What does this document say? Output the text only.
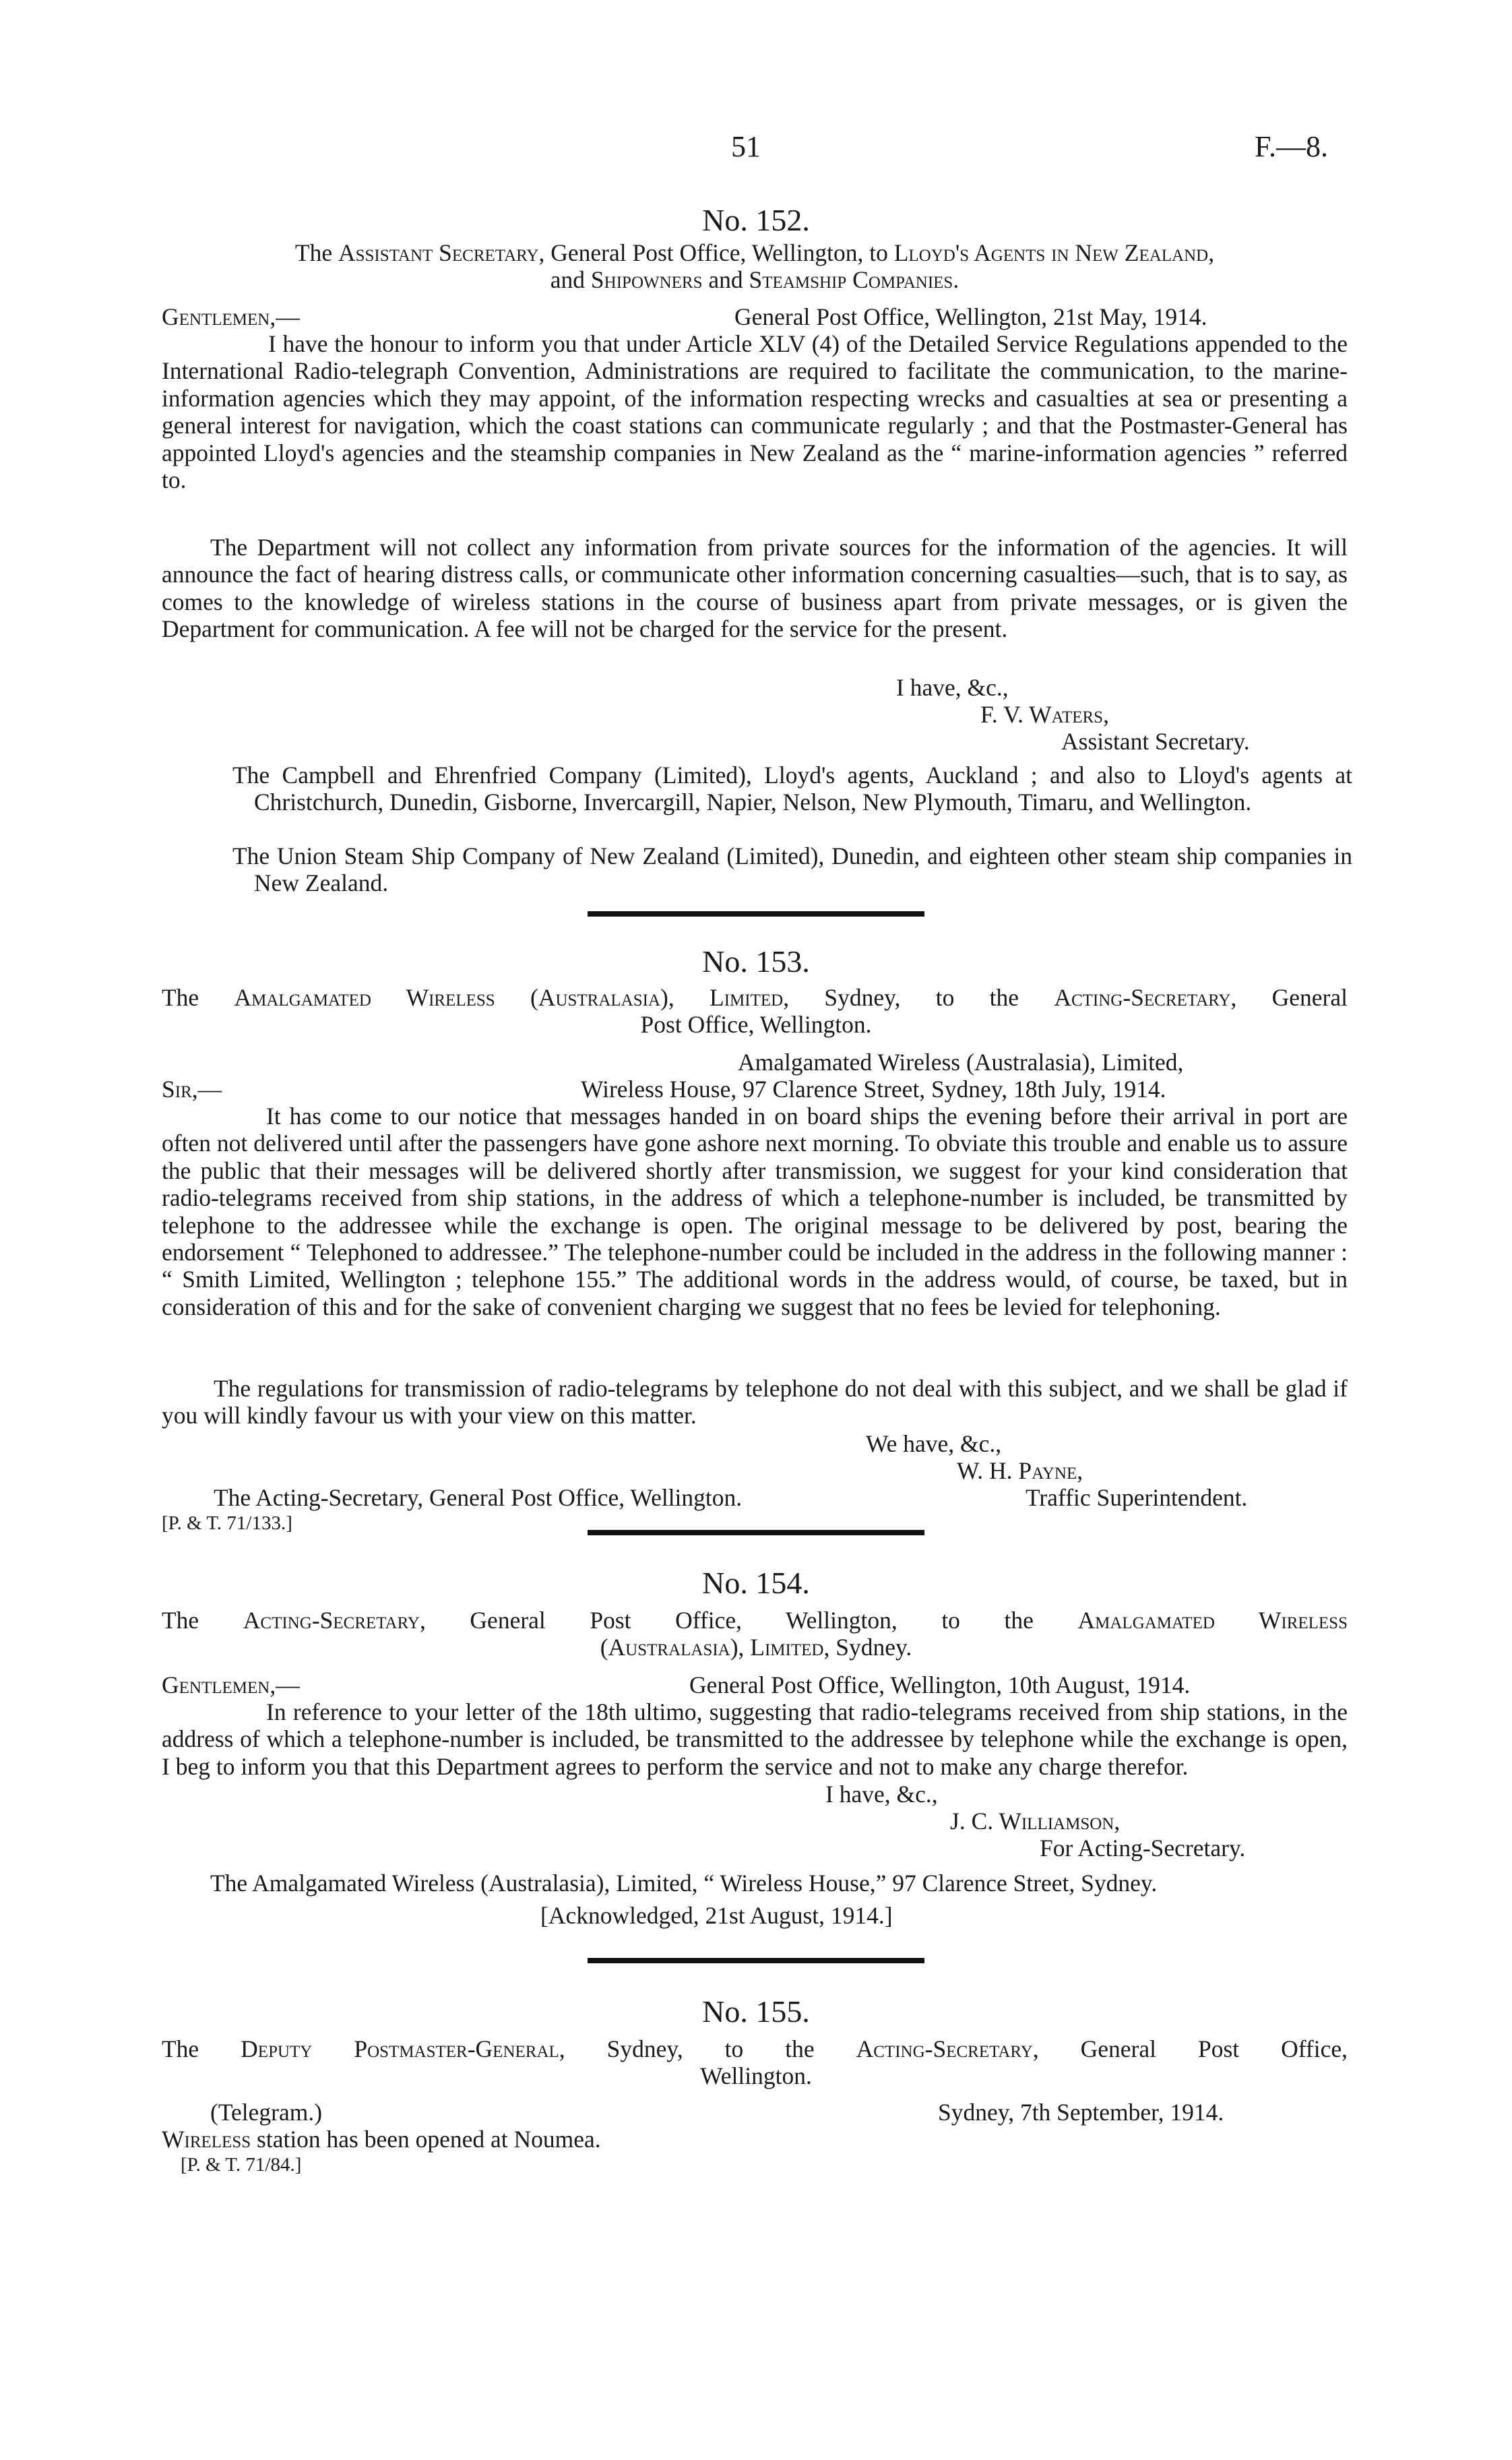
51	F.—8.
No. 152.
The Assistant Secretary, General Post Office, Wellington, to Lloyd's Agents in New Zealand,
and Shipowners and Steamship Companies.
Gentlemen,—	General Post Office, Wellington, 21st May, 1914.
I have the honour to inform you that under Article XLV (4) of the Detailed Service Regulations appended to the International Radio-telegraph Convention, Administrations are required to facilitate the communication, to the marine-information agencies which they may appoint, of the information respecting wrecks and casualties at sea or presenting a general interest for navigation, which the coast stations can communicate regularly ; and that the Postmaster-General has appointed Lloyd's agencies and the steamship companies in New Zealand as the “ marine-information agencies ” referred to.
The Department will not collect any information from private sources for the information of the agencies. It will announce the fact of hearing distress calls, or communicate other information concerning casualties—such, that is to say, as comes to the knowledge of wireless stations in the course of business apart from private messages, or is given the Department for communication. A fee will not be charged for the service for the present.
I have, &c.,
F. V. Waters,
Assistant Secretary.
The Campbell and Ehrenfried Company (Limited), Lloyd's agents, Auckland ; and also to Lloyd's agents at Christchurch, Dunedin, Gisborne, Invercargill, Napier, Nelson, New Plymouth, Timaru, and Wellington.
The Union Steam Ship Company of New Zealand (Limited), Dunedin, and eighteen other steam ship companies in New Zealand.
No. 153.
The Amalgamated Wireless (Australasia), Limited, Sydney, to the Acting-Secretary, General
Post Office, Wellington.
Amalgamated Wireless (Australasia), Limited,
Sir,—	Wireless House, 97 Clarence Street, Sydney, 18th July, 1914.
It has come to our notice that messages handed in on board ships the evening before their arrival in port are often not delivered until after the passengers have gone ashore next morning. To obviate this trouble and enable us to assure the public that their messages will be delivered shortly after transmission, we suggest for your kind consideration that radio-telegrams received from ship stations, in the address of which a telephone-number is included, be transmitted by telephone to the addressee while the exchange is open. The original message to be delivered by post, bearing the endorsement “ Telephoned to addressee.” The telephone-number could be included in the address in the following manner : “ Smith Limited, Wellington ; telephone 155.” The additional words in the address would, of course, be taxed, but in consideration of this and for the sake of convenient charging we suggest that no fees be levied for telephoning.
The regulations for transmission of radio-telegrams by telephone do not deal with this subject, and we shall be glad if you will kindly favour us with your view on this matter.
We have, &c.,
W. H. Payne,
The Acting-Secretary, General Post Office, Wellington.	Traffic Superintendent.
[P. & T. 71/133.]
No. 154.
The Acting-Secretary, General Post Office, Wellington, to the Amalgamated Wireless
(Australasia), Limited, Sydney.
Gentlemen,—	General Post Office, Wellington, 10th August, 1914.
In reference to your letter of the 18th ultimo, suggesting that radio-telegrams received from ship stations, in the address of which a telephone-number is included, be transmitted to the addressee by telephone while the exchange is open, I beg to inform you that this Department agrees to perform the service and not to make any charge therefor.
I have, &c.,
J. C. Williamson,
For Acting-Secretary.
The Amalgamated Wireless (Australasia), Limited, “ Wireless House,” 97 Clarence Street, Sydney.
[Acknowledged, 21st August, 1914.]
No. 155.
The Deputy Postmaster-General, Sydney, to the Acting-Secretary, General Post Office,
Wellington.
(Telegram.)	Sydney, 7th September, 1914.
Wireless station has been opened at Noumea.
[P. & T. 71/84.]
